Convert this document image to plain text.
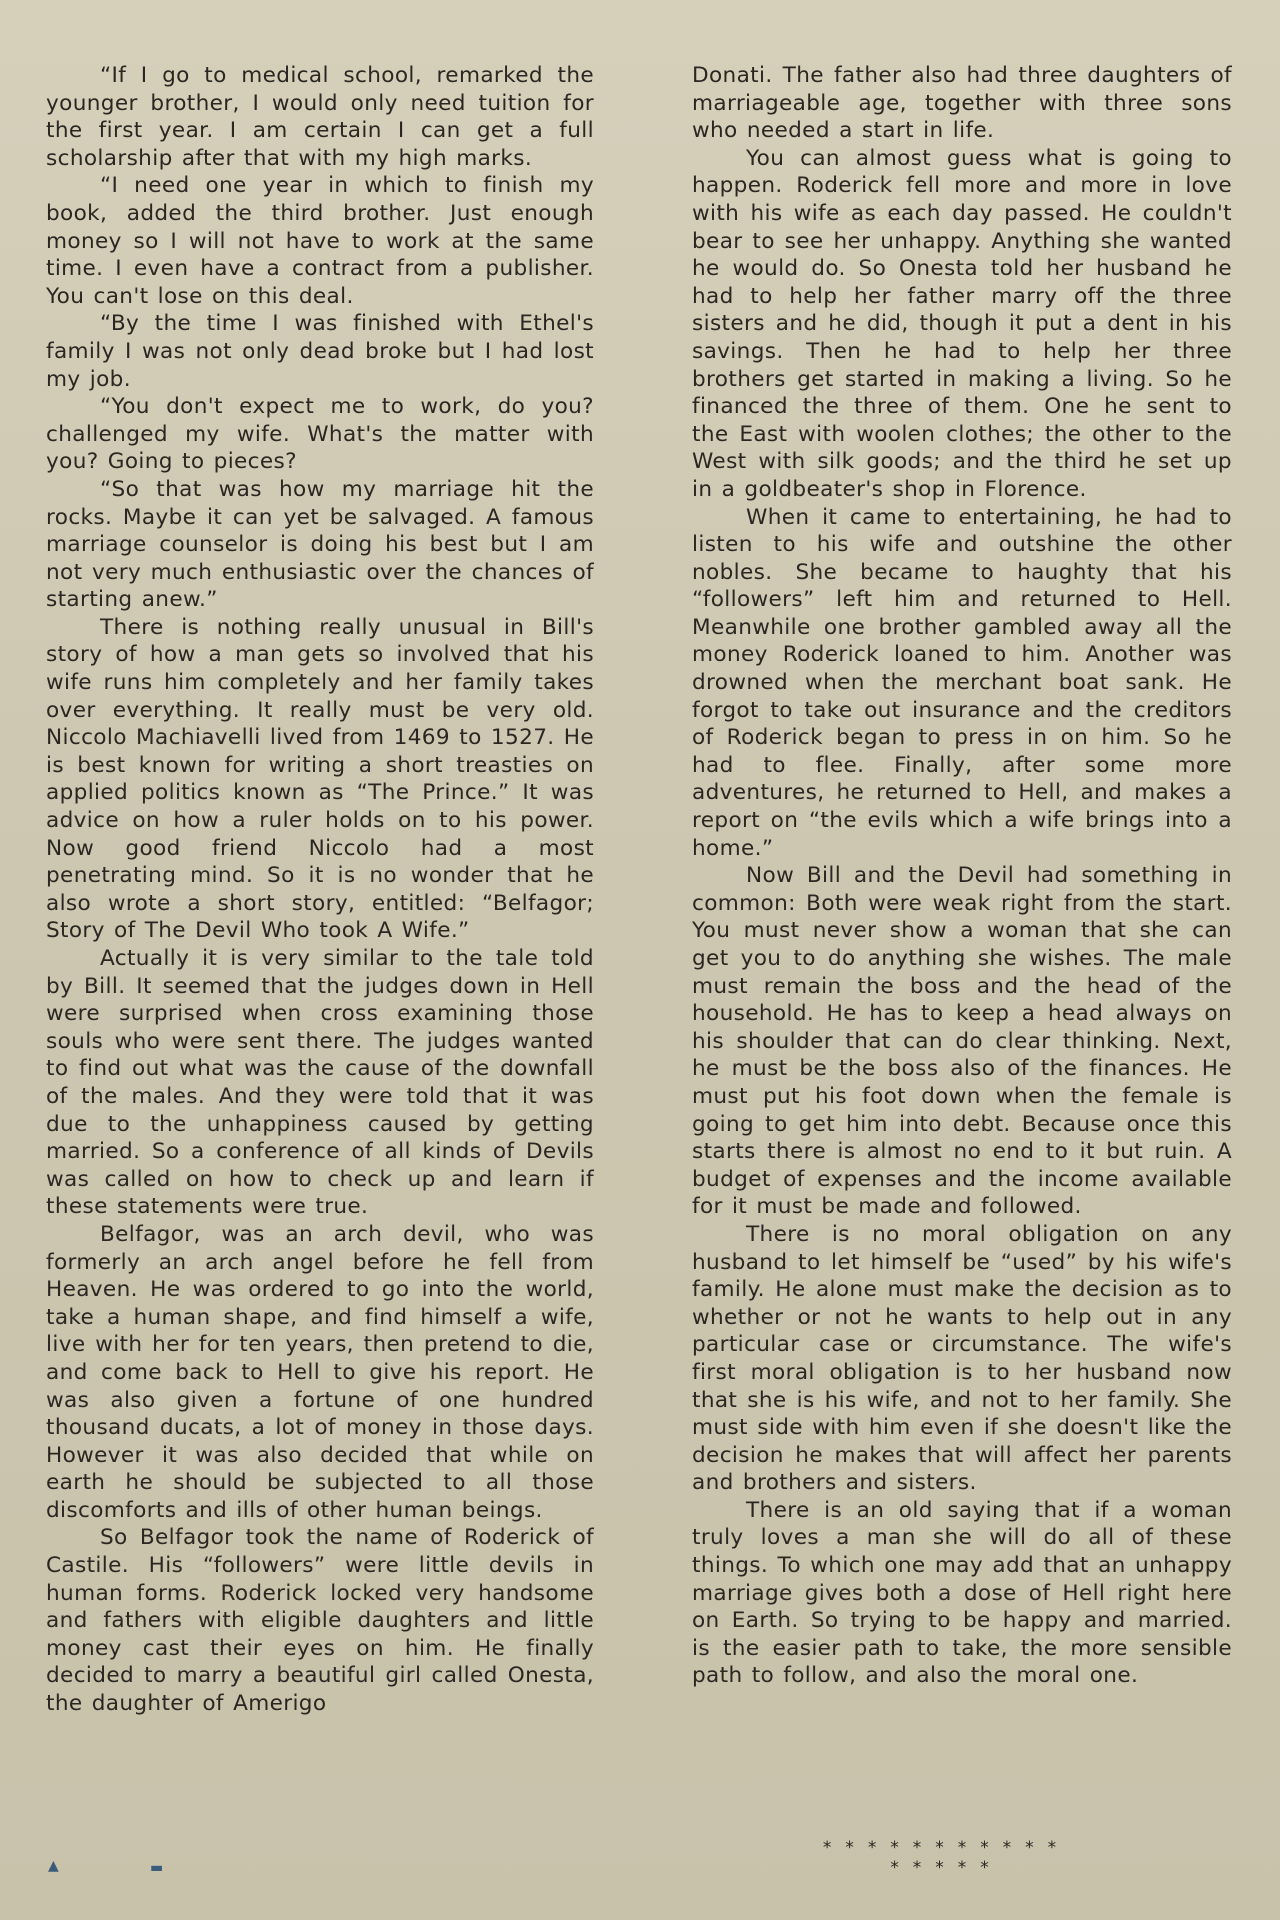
“If I go to medical school, remarked the younger brother, I would only need tuition for the first year. I am certain I can get a full scholarship after that with my high marks.

“I need one year in which to finish my book, added the third brother. Just enough money so I will not have to work at the same time. I even have a contract from a publisher. You can't lose on this deal.

“By the time I was finished with Ethel's family I was not only dead broke but I had lost my job.

“You don't expect me to work, do you? challenged my wife. What's the matter with you? Going to pieces?

“So that was how my marriage hit the rocks. Maybe it can yet be salvaged. A famous marriage counselor is doing his best but I am not very much enthusiastic over the chances of starting anew.”

There is nothing really unusual in Bill's story of how a man gets so involved that his wife runs him completely and her family takes over everything. It really must be very old. Niccolo Machiavelli lived from 1469 to 1527. He is best known for writing a short treasties on applied politics known as “The Prince.” It was advice on how a ruler holds on to his power. Now good friend Niccolo had a most penetrating mind. So it is no wonder that he also wrote a short story, entitled: “Belfagor; Story of The Devil Who took A Wife.”

Actually it is very similar to the tale told by Bill. It seemed that the judges down in Hell were surprised when cross examining those souls who were sent there. The judges wanted to find out what was the cause of the downfall of the males. And they were told that it was due to the unhappiness caused by getting married. So a conference of all kinds of Devils was called on how to check up and learn if these statements were true.

Belfagor, was an arch devil, who was formerly an arch angel before he fell from Heaven. He was ordered to go into the world, take a human shape, and find himself a wife, live with her for ten years, then pretend to die, and come back to Hell to give his report. He was also given a fortune of one hundred thousand ducats, a lot of money in those days. However it was also decided that while on earth he should be subjected to all those discomforts and ills of other human beings.

So Belfagor took the name of Roderick of Castile. His “followers” were little devils in human forms. Roderick locked very handsome and fathers with eligible daughters and little money cast their eyes on him. He finally decided to marry a beautiful girl called Onesta, the daughter of Amerigo

Donati. The father also had three daughters of marriageable age, together with three sons who needed a start in life.

You can almost guess what is going to happen. Roderick fell more and more in love with his wife as each day passed. He couldn't bear to see her unhappy. Anything she wanted he would do. So Onesta told her husband he had to help her father marry off the three sisters and he did, though it put a dent in his savings. Then he had to help her three brothers get started in making a living. So he financed the three of them. One he sent to the East with woolen clothes; the other to the West with silk goods; and the third he set up in a goldbeater's shop in Florence.

When it came to entertaining, he had to listen to his wife and outshine the other nobles. She became to haughty that his “followers” left him and returned to Hell. Meanwhile one brother gambled away all the money Roderick loaned to him. Another was drowned when the merchant boat sank. He forgot to take out insurance and the creditors of Roderick began to press in on him. So he had to flee. Finally, after some more adventures, he returned to Hell, and makes a report on “the evils which a wife brings into a home.”

Now Bill and the Devil had something in common: Both were weak right from the start. You must never show a woman that she can get you to do anything she wishes. The male must remain the boss and the head of the household. He has to keep a head always on his shoulder that can do clear thinking. Next, he must be the boss also of the finances. He must put his foot down when the female is going to get him into debt. Because once this starts there is almost no end to it but ruin. A budget of expenses and the income available for it must be made and followed.

There is no moral obligation on any husband to let himself be “used” by his wife's family. He alone must make the decision as to whether or not he wants to help out in any particular case or circumstance. The wife's first moral obligation is to her husband now that she is his wife, and not to her family. She must side with him even if she doesn't like the decision he makes that will affect her parents and brothers and sisters.

There is an old saying that if a woman truly loves a man she will do all of these things. To which one may add that an unhappy marriage gives both a dose of Hell right here on Earth. So trying to be happy and married. is the easier path to take, the more sensible path to follow, and also the moral one.

* * * * * * * * * * * * * * * *
▲	▬
